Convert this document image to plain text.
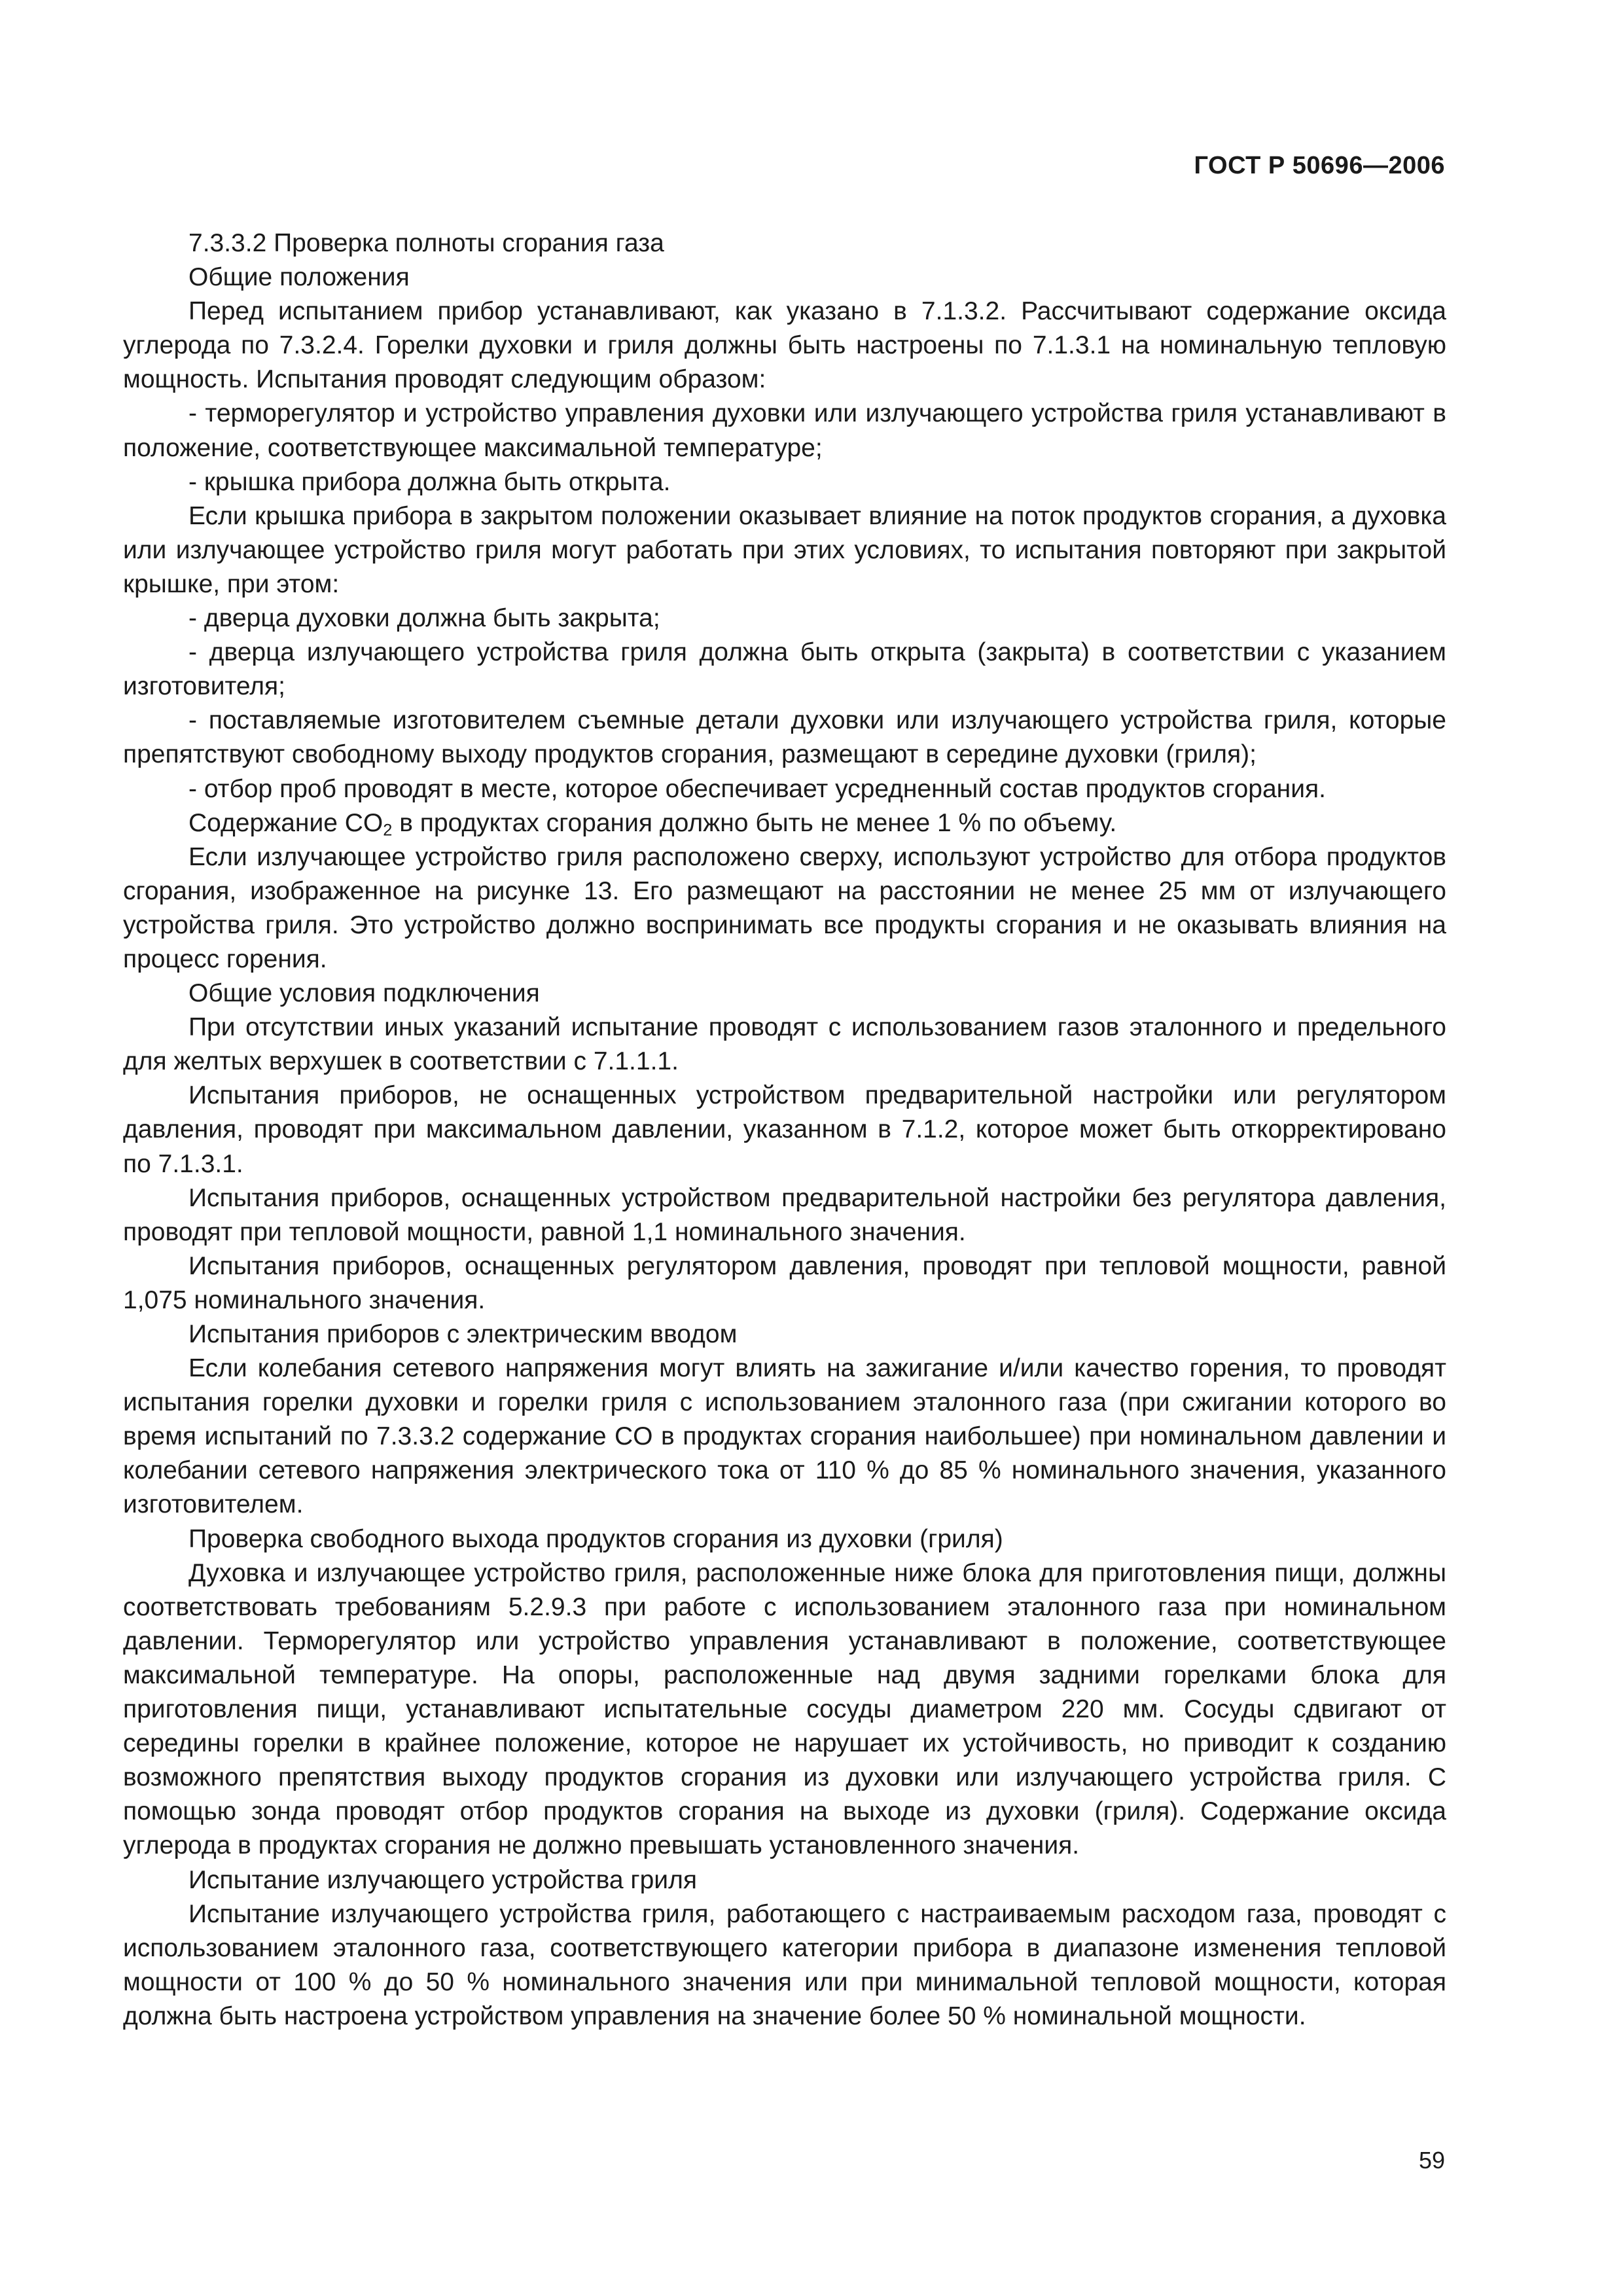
ГОСТ Р 50696—2006

7.3.3.2 Проверка полноты сгорания газа

Общие положения

Перед испытанием прибор устанавливают, как указано в 7.1.3.2. Рассчитывают содержание оксида углерода по 7.3.2.4. Горелки духовки и гриля должны быть настроены по 7.1.3.1 на номинальную тепловую мощность. Испытания проводят следующим образом:

- терморегулятор и устройство управления духовки или излучающего устройства гриля устанавливают в положение, соответствующее максимальной температуре;

- крышка прибора должна быть открыта.

Если крышка прибора в закрытом положении оказывает влияние на поток продуктов сгорания, а духовка или излучающее устройство гриля могут работать при этих условиях, то испытания повторяют при закрытой крышке, при этом:

- дверца духовки должна быть закрыта;

- дверца излучающего устройства гриля должна быть открыта (закрыта) в соответствии с указанием изготовителя;

- поставляемые изготовителем съемные детали духовки или излучающего устройства гриля, которые препятствуют свободному выходу продуктов сгорания, размещают в середине духовки (гриля);

- отбор проб проводят в месте, которое обеспечивает усредненный состав продуктов сгорания.

Содержание $CO_2$ в продуктах сгорания должно быть не менее 1 % по объему.

Если излучающее устройство гриля расположено сверху, используют устройство для отбора продуктов сгорания, изображенное на рисунке 13. Его размещают на расстоянии не менее 25 мм от излучающего устройства гриля. Это устройство должно воспринимать все продукты сгорания и не оказывать влияния на процесс горения.

Общие условия подключения

При отсутствии иных указаний испытание проводят с использованием газов эталонного и предельного для желтых верхушек в соответствии с 7.1.1.1.

Испытания приборов, не оснащенных устройством предварительной настройки или регулятором давления, проводят при максимальном давлении, указанном в 7.1.2, которое может быть откорректировано по 7.1.3.1.

Испытания приборов, оснащенных устройством предварительной настройки без регулятора давления, проводят при тепловой мощности, равной 1,1 номинального значения.

Испытания приборов, оснащенных регулятором давления, проводят при тепловой мощности, равной 1,075 номинального значения.

Испытания приборов с электрическим вводом

Если колебания сетевого напряжения могут влиять на зажигание и/или качество горения, то проводят испытания горелки духовки и горелки гриля с использованием эталонного газа (при сжигании которого во время испытаний по 7.3.3.2 содержание CO в продуктах сгорания наибольшее) при номинальном давлении и колебании сетевого напряжения электрического тока от 110 % до 85 % номинального значения, указанного изготовителем.

Проверка свободного выхода продуктов сгорания из духовки (гриля)

Духовка и излучающее устройство гриля, расположенные ниже блока для приготовления пищи, должны соответствовать требованиям 5.2.9.3 при работе с использованием эталонного газа при номинальном давлении. Терморегулятор или устройство управления устанавливают в положение, соответствующее максимальной температуре. На опоры, расположенные над двумя задними горелками блока для приготовления пищи, устанавливают испытательные сосуды диаметром 220 мм. Сосуды сдвигают от середины горелки в крайнее положение, которое не нарушает их устойчивость, но приводит к созданию возможного препятствия выходу продуктов сгорания из духовки или излучающего устройства гриля. С помощью зонда проводят отбор продуктов сгорания на выходе из духовки (гриля). Содержание оксида углерода в продуктах сгорания не должно превышать установленного значения.

Испытание излучающего устройства гриля

Испытание излучающего устройства гриля, работающего с настраиваемым расходом газа, проводят с использованием эталонного газа, соответствующего категории прибора в диапазоне изменения тепловой мощности от 100 % до 50 % номинального значения или при минимальной тепловой мощности, которая должна быть настроена устройством управления на значение более 50 % номинальной мощности.

59
